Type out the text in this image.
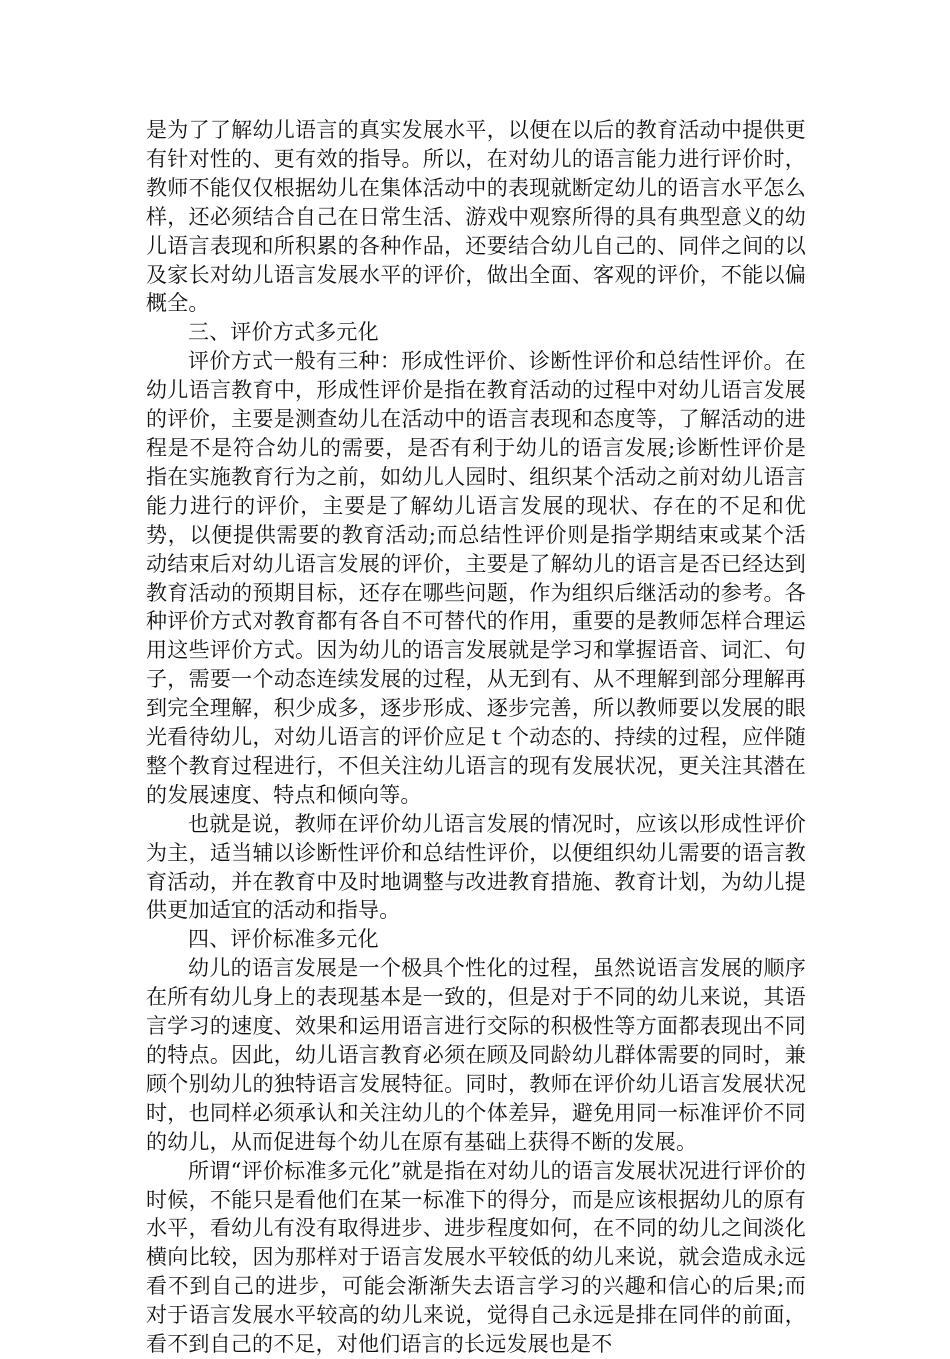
是为了了解幼儿语言的真实发展水平，以便在以后的教育活动中提供更有针对性的、更有效的指导。所以，在对幼儿的语言能力进行评价时，教师不能仅仅根据幼儿在集体活动中的表现就断定幼儿的语言水平怎么样，还必须结合自己在日常生活、游戏中观察所得的具有典型意义的幼儿语言表现和所积累的各种作品，还要结合幼儿自己的、同伴之间的以及家长对幼儿语言发展水平的评价，做出全面、客观的评价，不能以偏概全。

三、评价方式多元化

评价方式一般有三种：形成性评价、诊断性评价和总结性评价。在幼儿语言教育中，形成性评价是指在教育活动的过程中对幼儿语言发展的评价，主要是测查幼儿在活动中的语言表现和态度等，了解活动的进程是不是符合幼儿的需要，是否有利于幼儿的语言发展;诊断性评价是指在实施教育行为之前，如幼儿人园时、组织某个活动之前对幼儿语言能力进行的评价，主要是了解幼儿语言发展的现状、存在的不足和优势，以便提供需要的教育活动;而总结性评价则是指学期结束或某个活动结束后对幼儿语言发展的评价，主要是了解幼儿的语言是否已经达到教育活动的预期目标，还存在哪些问题，作为组织后继活动的参考。各种评价方式对教育都有各自不可替代的作用，重要的是教师怎样合理运用这些评价方式。因为幼儿的语言发展就是学习和掌握语音、词汇、句子，需要一个动态连续发展的过程，从无到有、从不理解到部分理解再到完全理解，积少成多，逐步形成、逐步完善，所以教师要以发展的眼光看待幼儿，对幼儿语言的评价应足ｔ个动态的、持续的过程，应伴随整个教育过程进行，不但关注幼儿语言的现有发展状况，更关注其潜在的发展速度、特点和倾向等。

也就是说，教师在评价幼儿语言发展的情况时，应该以形成性评价为主，适当辅以诊断性评价和总结性评价，以便组织幼儿需要的语言教育活动，并在教育中及时地调整与改进教育措施、教育计划，为幼儿提供更加适宜的活动和指导。

四、评价标准多元化

幼儿的语言发展是一个极具个性化的过程，虽然说语言发展的顺序在所有幼儿身上的表现基本是一致的，但是对于不同的幼儿来说，其语言学习的速度、效果和运用语言进行交际的积极性等方面都表现出不同的特点。因此，幼儿语言教育必须在顾及同龄幼儿群体需要的同时，兼顾个别幼儿的独特语言发展特征。同时，教师在评价幼儿语言发展状况时，也同样必须承认和关注幼儿的个体差异，避免用同一标准评价不同的幼儿，从而促进每个幼儿在原有基础上获得不断的发展。

所谓“评价标准多元化”就是指在对幼儿的语言发展状况进行评价的时候，不能只是看他们在某一标准下的得分，而是应该根据幼儿的原有水平，看幼儿有没有取得进步、进步程度如何，在不同的幼儿之间淡化横向比较，因为那样对于语言发展水平较低的幼儿来说，就会造成永远看不到自己的进步，可能会渐渐失去语言学习的兴趣和信心的后果;而对于语言发展水平较高的幼儿来说，觉得自己永远是排在同伴的前面，看不到自己的不足，对他们语言的长远发展也是不
